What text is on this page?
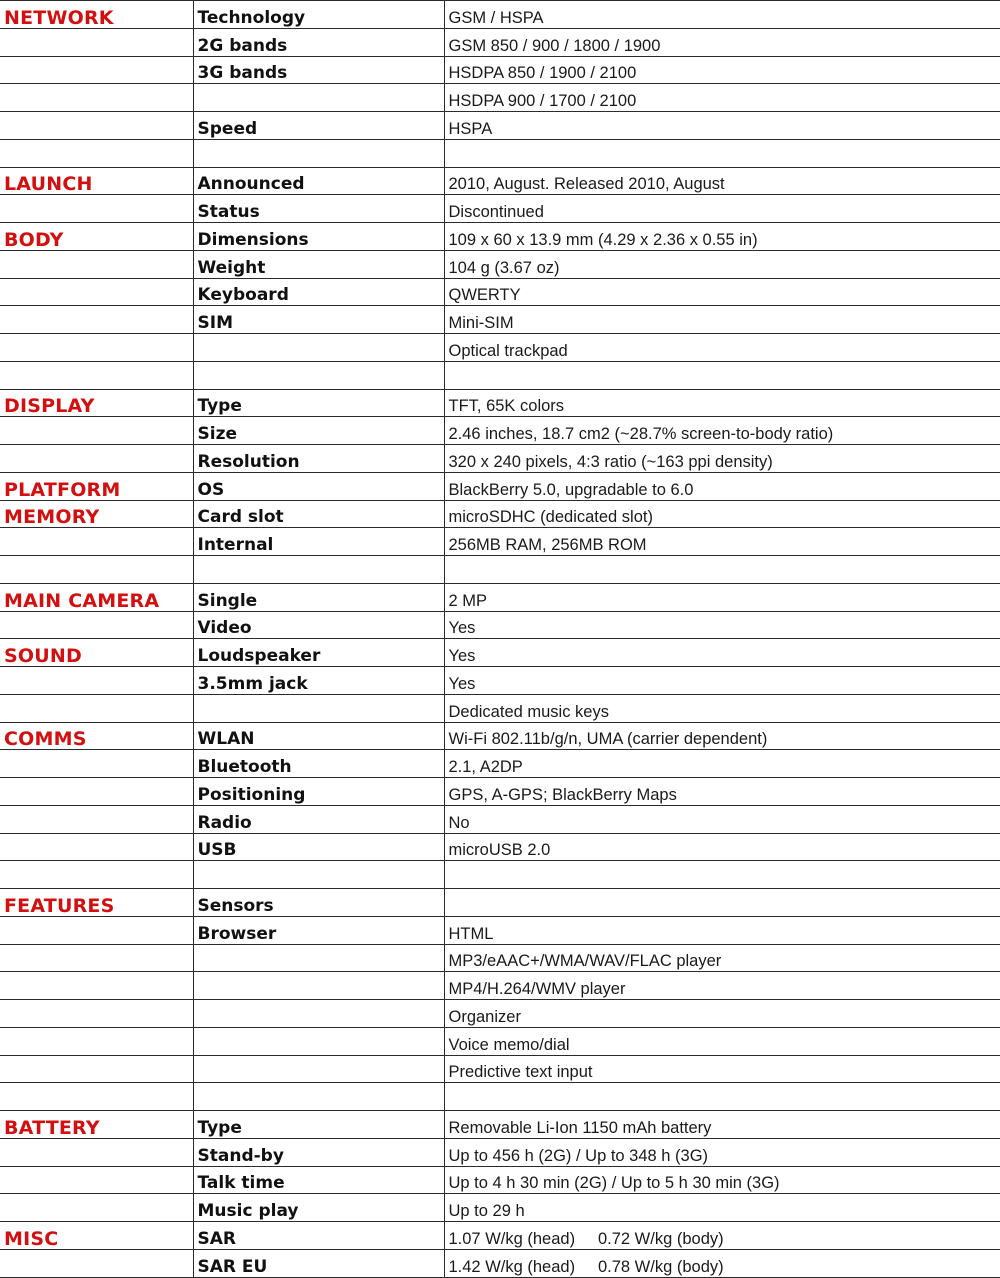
NETWORK	Technology	GSM / HSPA
	2G bands	GSM 850 / 900 / 1800 / 1900
	3G bands	HSDPA 850 / 1900 / 2100
		HSDPA 900 / 1700 / 2100
	Speed	HSPA

LAUNCH	Announced	2010, August. Released 2010, August
	Status	Discontinued
BODY	Dimensions	109 x 60 x 13.9 mm (4.29 x 2.36 x 0.55 in)
	Weight	104 g (3.67 oz)
	Keyboard	QWERTY
	SIM	Mini-SIM
		Optical trackpad

DISPLAY	Type	TFT, 65K colors
	Size	2.46 inches, 18.7 cm2 (~28.7% screen-to-body ratio)
	Resolution	320 x 240 pixels, 4:3 ratio (~163 ppi density)
PLATFORM	OS	BlackBerry 5.0, upgradable to 6.0
MEMORY	Card slot	microSDHC (dedicated slot)
	Internal	256MB RAM, 256MB ROM

MAIN CAMERA	Single	2 MP
	Video	Yes
SOUND	Loudspeaker	Yes
	3.5mm jack	Yes
		Dedicated music keys
COMMS	WLAN	Wi-Fi 802.11b/g/n, UMA (carrier dependent)
	Bluetooth	2.1, A2DP
	Positioning	GPS, A-GPS; BlackBerry Maps
	Radio	No
	USB	microUSB 2.0

FEATURES	Sensors	
	Browser	HTML
		MP3/eAAC+/WMA/WAV/FLAC player
		MP4/H.264/WMV player
		Organizer
		Voice memo/dial
		Predictive text input

BATTERY	Type	Removable Li-Ion 1150 mAh battery
	Stand-by	Up to 456 h (2G) / Up to 348 h (3G)
	Talk time	Up to 4 h 30 min (2G) / Up to 5 h 30 min (3G)
	Music play	Up to 29 h
MISC	SAR	1.07 W/kg (head)     0.72 W/kg (body)
	SAR EU	1.42 W/kg (head)     0.78 W/kg (body)
